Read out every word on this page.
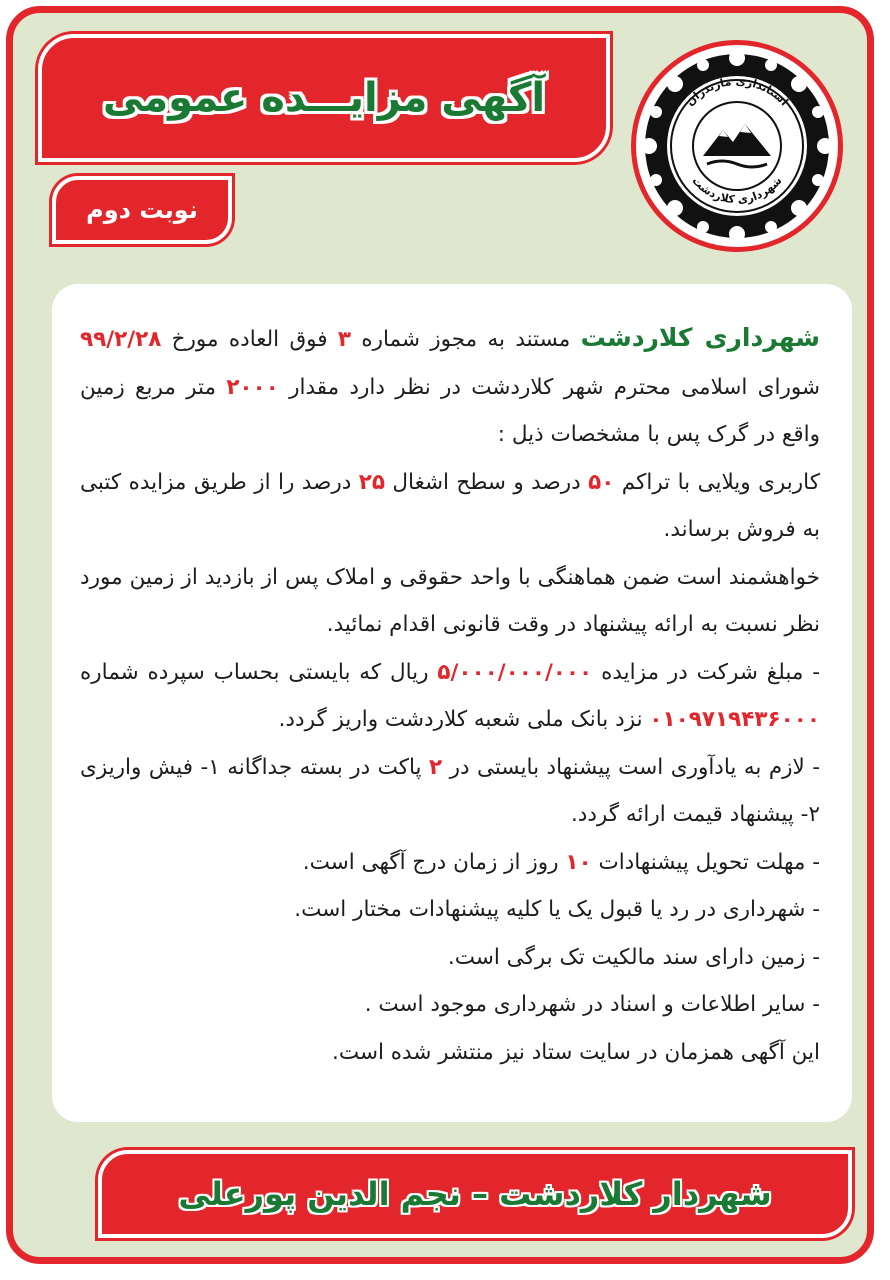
استانداری مازندران
شهرداری کلاردشت
آگهی مزایـــده عمومی
نوبت دوم

شهرداری کلاردشت مستند به مجوز شماره ۳ فوق العاده مورخ ۹۹/۲/۲۸ شورای اسلامی محترم شهر کلاردشت در نظر دارد مقدار ۲۰۰۰ متر مربع زمین واقع در گرک پس با مشخصات ذیل :

کاربری ویلایی با تراکم ۵۰ درصد و سطح اشغال ۲۵ درصد را از طریق مزایده کتبی به فروش برساند.

خواهشمند است ضمن هماهنگی با واحد حقوقی و املاک پس از بازدید از زمین مورد نظر نسبت به ارائه پیشنهاد در وقت قانونی اقدام نمائید.

- مبلغ شرکت در مزایده ۵/۰۰۰/۰۰۰/۰۰۰ ریال که بایستی بحساب سپرده شماره ۰۱۰۹۷۱۹۴۳۶۰۰۰ نزد بانک ملی شعبه کلاردشت واریز گردد.

- لازم به یادآوری است پیشنهاد بایستی در ۲ پاکت در بسته جداگانه ۱- فیش واریزی ۲- پیشنهاد قیمت ارائه گردد.

- مهلت تحویل پیشنهادات ۱۰ روز از زمان درج آگهی است.

- شهرداری در رد یا قبول یک یا کلیه پیشنهادات مختار است.

- زمین دارای سند مالکیت تک برگی است.

- سایر اطلاعات و اسناد در شهرداری موجود است .

این آگهی همزمان در سایت ستاد نیز منتشر شده است.

شهردار کلاردشت – نجم الدین پورعلی
